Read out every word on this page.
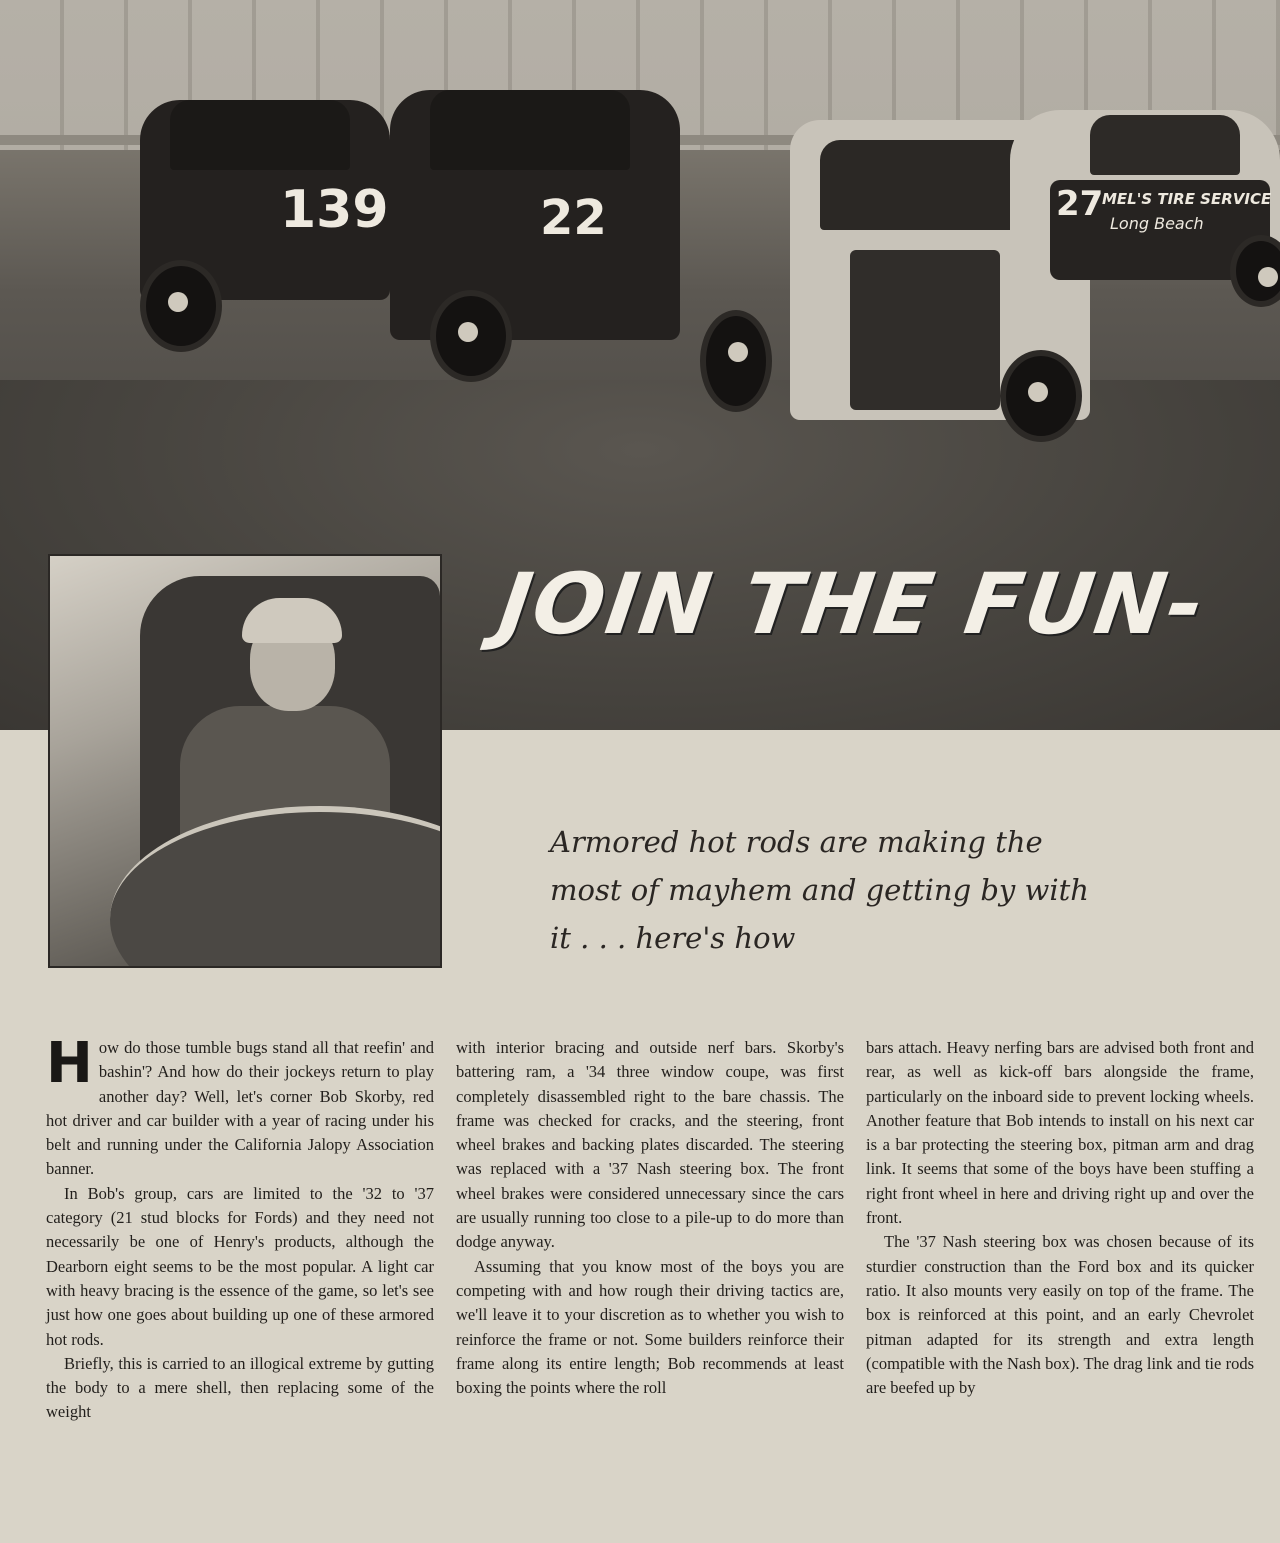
139	22	27
MEL'S TIRE SERVICE
Long Beach
JOIN THE FUN-
Armored hot rods are making the most of mayhem and getting by with it . . . here's how

How do those tumble bugs stand all that reefin' and bashin'? And how do their jockeys return to play another day? Well, let's corner Bob Skorby, red hot driver and car builder with a year of racing under his belt and running under the California Jalopy Association banner.

In Bob's group, cars are limited to the '32 to '37 category (21 stud blocks for Fords) and they need not necessarily be one of Henry's products, although the Dearborn eight seems to be the most popular. A light car with heavy bracing is the essence of the game, so let's see just how one goes about building up one of these armored hot rods.

Briefly, this is carried to an illogical extreme by gutting the body to a mere shell, then replacing some of the weight

with interior bracing and outside nerf bars. Skorby's battering ram, a '34 three window coupe, was first completely disassembled right to the bare chassis. The frame was checked for cracks, and the steering, front wheel brakes and backing plates discarded. The steering was replaced with a '37 Nash steering box. The front wheel brakes were considered unnecessary since the cars are usually running too close to a pile-up to do more than dodge anyway.

Assuming that you know most of the boys you are competing with and how rough their driving tactics are, we'll leave it to your discretion as to whether you wish to reinforce the frame or not. Some builders reinforce their frame along its entire length; Bob recommends at least boxing the points where the roll

bars attach. Heavy nerfing bars are advised both front and rear, as well as kick-off bars alongside the frame, particularly on the inboard side to prevent locking wheels. Another feature that Bob intends to install on his next car is a bar protecting the steering box, pitman arm and drag link. It seems that some of the boys have been stuffing a right front wheel in here and driving right up and over the front.

The '37 Nash steering box was chosen because of its sturdier construction than the Ford box and its quicker ratio. It also mounts very easily on top of the frame. The box is reinforced at this point, and an early Chevrolet pitman adapted for its strength and extra length (compatible with the Nash box). The drag link and tie rods are beefed up by
